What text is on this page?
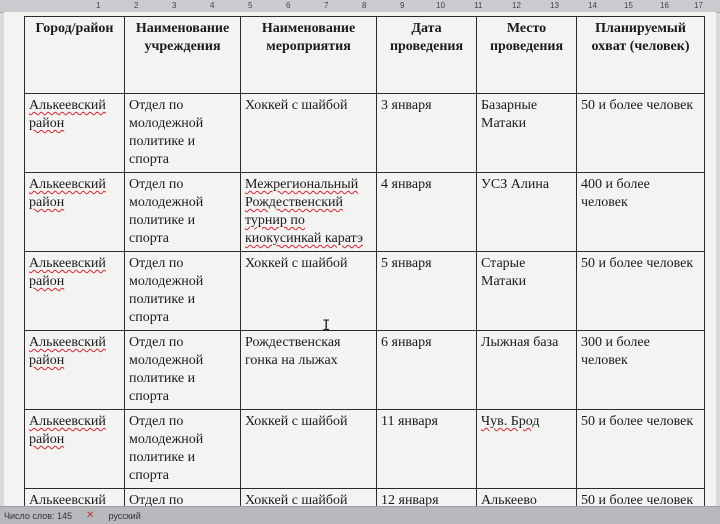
1	2	3	4	5	6	7	8	9	10	11	12	13	14	15	16	17
Город/район	Наименование учреждения	Наименование мероприятия	Дата проведения	Место проведения	Планируемый охват (человек)
Алькеевский район	Отдел по молодежной политике и спорта	Хоккей с шайбой	3 января	Базарные Матаки	50 и более человек
Алькеевский район	Отдел по молодежной политике и спорта	Межрегиональный Рождественский турнир по киокусинкай каратэ	4 января	УСЗ Алина	400 и более человек
Алькеевский район	Отдел по молодежной политике и спорта	Хоккей с шайбой	5 января	Старые Матаки	50 и более человек
Алькеевский район	Отдел по молодежной политике и спорта	Рождественская гонка на лыжах	6 января	Лыжная база	300 и более человек
Алькеевский район	Отдел по молодежной политике и спорта	Хоккей с шайбой	11 января	Чув. Брод	50 и более человек
Алькеевский	Отдел по	Хоккей с шайбой	12 января	Алькеево	50 и более человек
I
Число слов: 145 ✕ русский
